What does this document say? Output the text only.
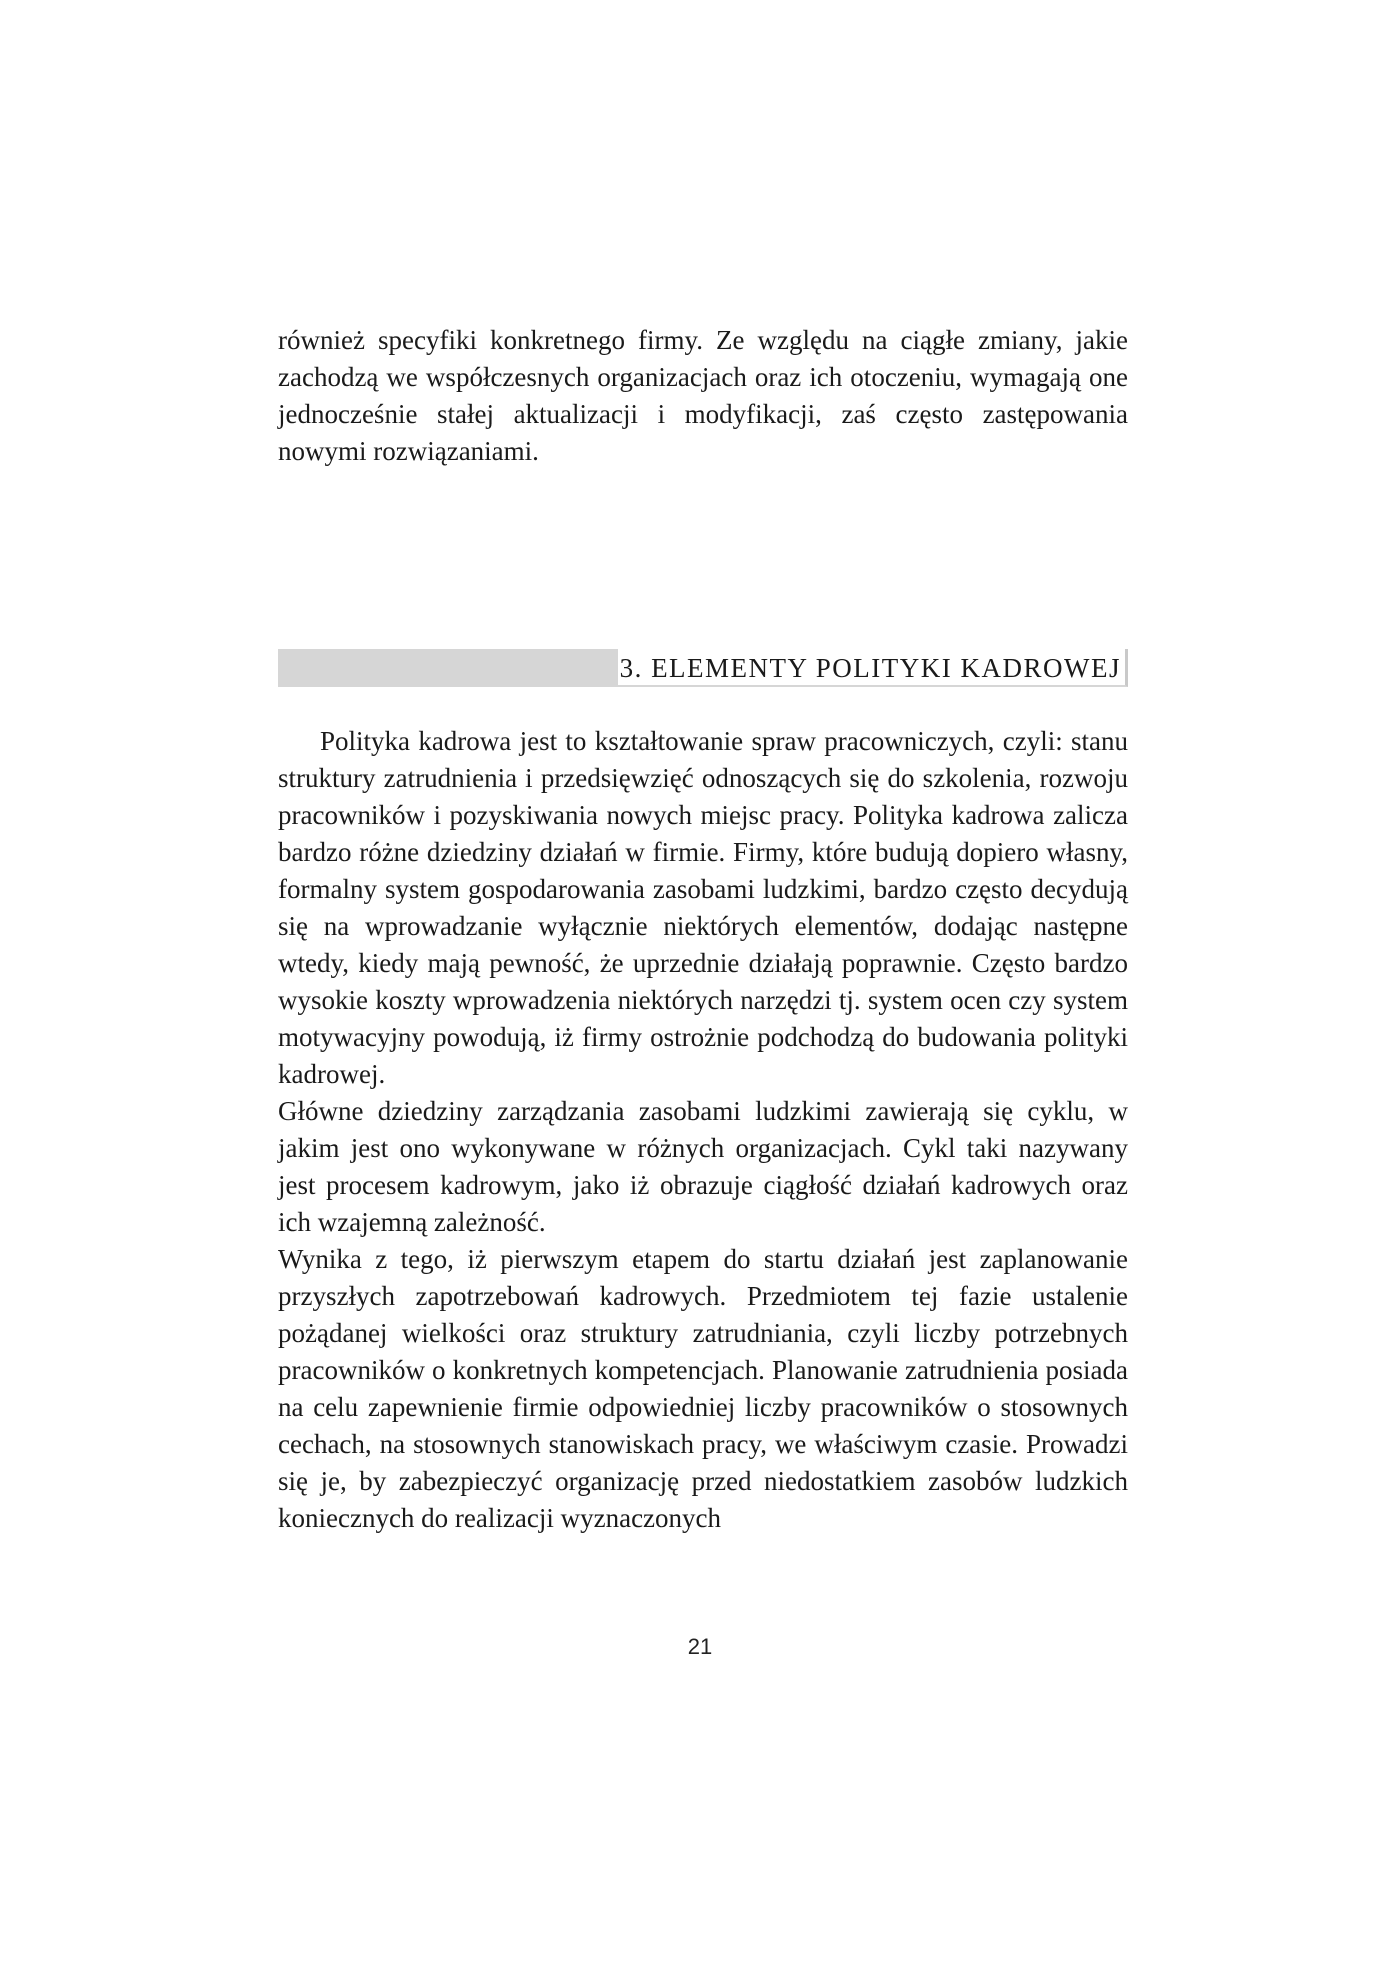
również specyfiki konkretnego firmy. Ze względu na ciągłe zmiany, jakie zachodzą we współczesnych organizacjach oraz ich otoczeniu, wymagają one jednocześnie stałej aktualizacji i modyfikacji, zaś często zastępowania nowymi rozwiązaniami.

3. ELEMENTY POLITYKI KADROWEJ

Polityka kadrowa jest to kształtowanie spraw pracowniczych, czyli: stanu struktury zatrudnienia i przedsięwzięć odnoszących się do szkolenia, rozwoju pracowników i pozyskiwania nowych miejsc pracy. Polityka kadrowa zalicza bardzo różne dziedziny działań w firmie. Firmy, które budują dopiero własny, formalny system gospodarowania zasobami ludzkimi, bardzo często decydują się na wprowadzanie wyłącznie niektórych elementów, dodając następne wtedy, kiedy mają pewność, że uprzednie działają poprawnie. Często bardzo wysokie koszty wprowadzenia niektórych narzędzi tj. system ocen czy system motywacyjny powodują, iż firmy ostrożnie podchodzą do budowania polityki kadrowej.

Główne dziedziny zarządzania zasobami ludzkimi zawierają się cyklu, w jakim jest ono wykonywane w różnych organizacjach. Cykl taki nazywany jest procesem kadrowym, jako iż obrazuje ciągłość działań kadrowych oraz ich wzajemną zależność.

Wynika z tego, iż pierwszym etapem do startu działań jest zaplanowanie przyszłych zapotrzebowań kadrowych. Przedmiotem tej fazie ustalenie pożądanej wielkości oraz struktury zatrudniania, czyli liczby potrzebnych pracowników o konkretnych kompetencjach. Planowanie zatrudnienia posiada na celu zapewnienie firmie odpowiedniej liczby pracowników o stosownych cechach, na stosownych stanowiskach pracy, we właściwym czasie. Prowadzi się je, by zabezpieczyć organizację przed niedostatkiem zasobów ludzkich koniecznych do realizacji wyznaczonych

21
